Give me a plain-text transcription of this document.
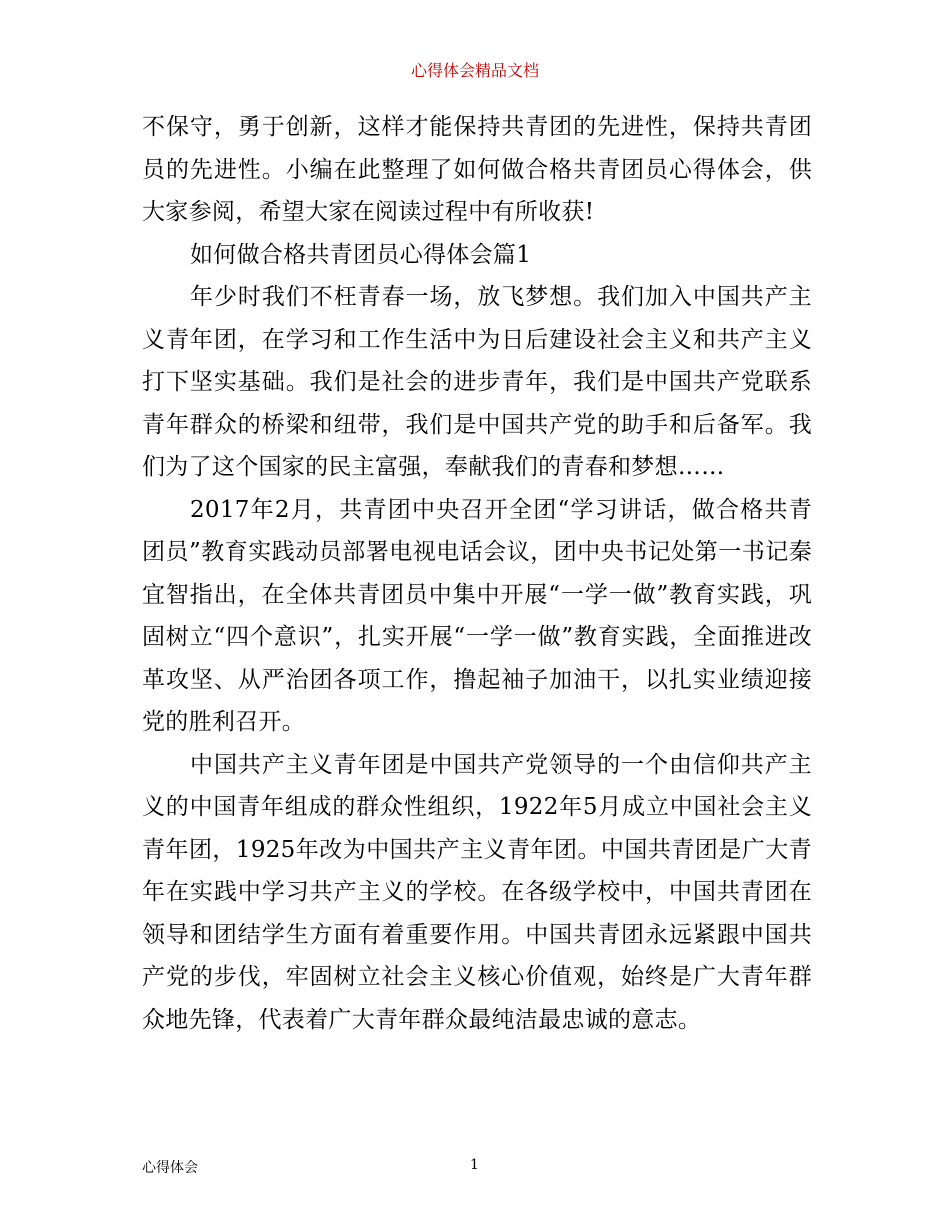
心得体会精品文档

不保守，勇于创新，这样才能保持共青团的先进性，保持共青团员的先进性。小编在此整理了如何做合格共青团员心得体会，供大家参阅，希望大家在阅读过程中有所收获!

如何做合格共青团员心得体会篇1

年少时我们不枉青春一场，放飞梦想。我们加入中国共产主义青年团，在学习和工作生活中为日后建设社会主义和共产主义打下坚实基础。我们是社会的进步青年，我们是中国共产党联系青年群众的桥梁和纽带，我们是中国共产党的助手和后备军。我们为了这个国家的民主富强，奉献我们的青春和梦想……

2017年2月，共青团中央召开全团“学习讲话，做合格共青团员”教育实践动员部署电视电话会议，团中央书记处第一书记秦宜智指出，在全体共青团员中集中开展“一学一做”教育实践，巩固树立“四个意识”，扎实开展“一学一做”教育实践，全面推进改革攻坚、从严治团各项工作，撸起袖子加油干，以扎实业绩迎接党的胜利召开。

中国共产主义青年团是中国共产党领导的一个由信仰共产主义的中国青年组成的群众性组织，1922年5月成立中国社会主义青年团，1925年改为中国共产主义青年团。中国共青团是广大青年在实践中学习共产主义的学校。在各级学校中，中国共青团在领导和团结学生方面有着重要作用。中国共青团永远紧跟中国共产党的步伐，牢固树立社会主义核心价值观，始终是广大青年群众地先锋，代表着广大青年群众最纯洁最忠诚的意志。

心得体会	1
